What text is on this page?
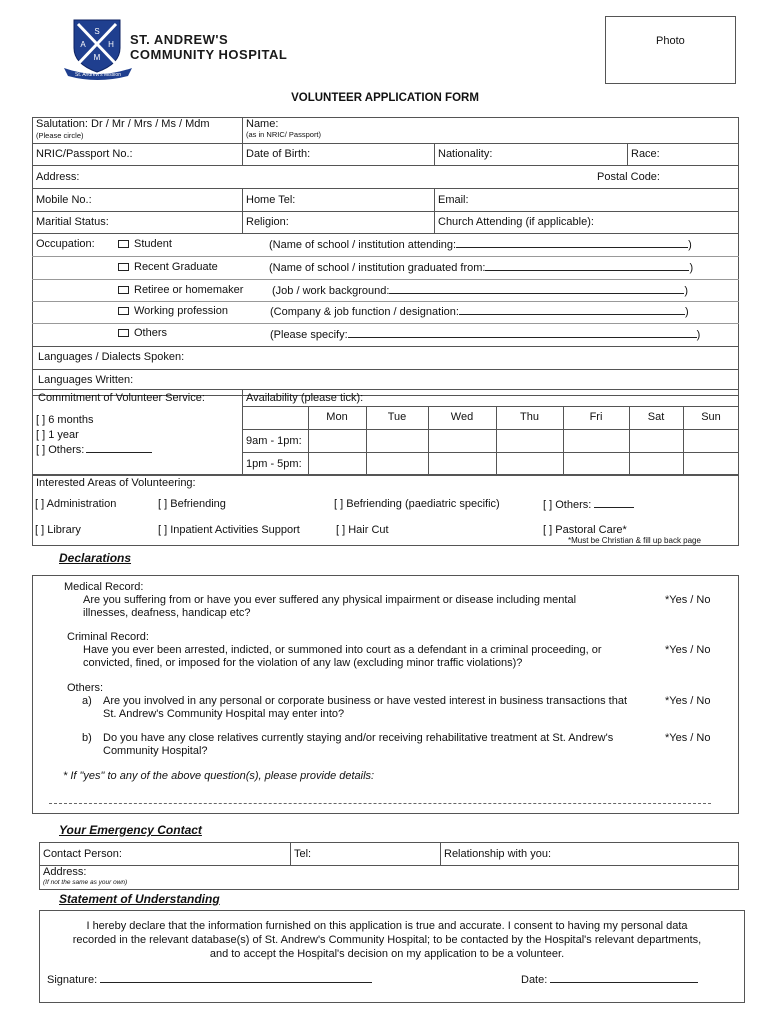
S
A	H
M
St. Andrew's Mission
ST. ANDREW'S
COMMUNITY HOSPITAL
Photo
VOLUNTEER APPLICATION FORM
Salutation: Dr / Mr / Mrs / Ms / Mdm
(Please circle)
Name:
(as in NRIC/ Passport)
NRIC/Passport No.:	Date of Birth:	Nationality:	Race:
Address:	Postal Code:
Mobile No.:	Home Tel:	Email:
Maritial Status:	Religion:	Church Attending (if applicable):
Occupation:	Student	(Name of school / institution attending:	)
Recent Graduate	(Name of school / institution graduated from:	)
Retiree or homemaker	(Job / work background:	)
Working profession	(Company & job function / designation:	)
Others	(Please specify:	)
Languages / Dialects Spoken:
Languages Written:
Commitment of Volunteer Service:
[ ] 6 months
[ ] 1 year
[ ] Others:
Availability (please tick):
Mon	Tue	Wed	Thu	Fri	Sat	Sun
9am - 1pm:
1pm - 5pm:
Interested Areas of Volunteering:
[ ] Administration	[ ] Befriending	[ ] Befriending (paediatric specific)	[ ] Others:
[ ] Library	[ ] Inpatient Activities Support	[ ] Hair Cut	[ ] Pastoral Care*
*Must be Christian & fill up back page
Declarations
Medical Record:
Are you suffering from or have you ever suffered any physical impairment or disease including mental illnesses, deafness, handicap etc?
*Yes / No
Criminal Record:
Have you ever been arrested, indicted, or summoned into court as a defendant in a criminal proceeding, or convicted, fined, or imposed for the violation of any law (excluding minor traffic violations)?
*Yes / No
Others:
a) Are you involved in any personal or corporate business or have vested interest in business transactions that St. Andrew's Community Hospital may enter into?
*Yes / No
b) Do you have any close relatives currently staying and/or receiving rehabilitative treatment at St. Andrew's Community Hospital?
*Yes / No
* If "yes" to any of the above question(s), please provide details:
Your Emergency Contact
Contact Person:	Tel:	Relationship with you:
Address:
(If not the same as your own)
Statement of Understanding
I hereby declare that the information furnished on this application is true and accurate. I consent to having my personal data recorded in the relevant database(s) of St. Andrew's Community Hospital; to be contacted by the Hospital's relevant departments, and to accept the Hospital's decision on my application to be a volunteer.
Signature:	Date:
